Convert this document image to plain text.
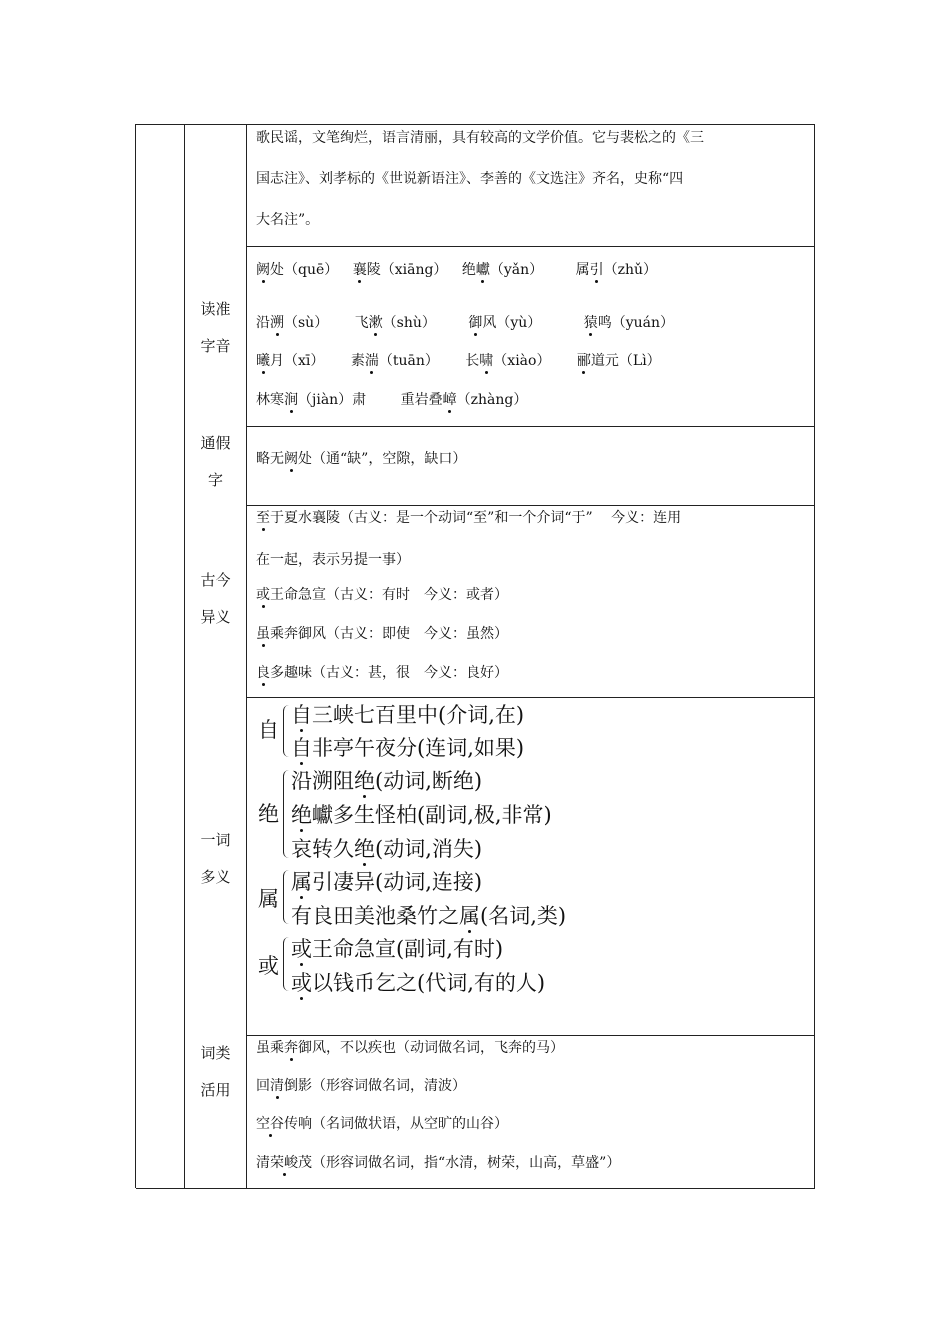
歌民谣，文笔绚烂，语言清丽，具有较高的文学价值。它与裴松之的《三
国志注》、刘孝标的《世说新语注》、李善的《文选注》齐名，史称“四
大名注”。
读准
字音
阙处（quē） 襄陵（xiāng） 绝巘（yǎn） 属引（zhǔ）
沿溯（sù） 飞漱（shù） 御风（yù）	猿鸣（yuán）
曦月（xī） 素湍（tuān） 长啸（xiào） 郦道元（Lì）
林寒涧（jiàn）肃 重岩叠嶂（zhàng）
通假
字
略无阙处（通“缺”，空隙，缺口）
古今
异义
至于夏水襄陵（古义：是一个动词“至”和一个介词“于”　 今义：连用
在一起，表示另提一事）
或王命急宣（古义：有时　今义：或者）
虽乘奔御风（古义：即使　今义：虽然）
良多趣味（古义：甚，很　今义：良好）
一词
多义
自
自三峡七百里中(介词,在)
自非亭午夜分(连词,如果)
绝
沿溯阻绝(动词,断绝)
绝巘多生怪柏(副词,极,非常)
哀转久绝(动词,消失)
属
属引凄异(动词,连接)
有良田美池桑竹之属(名词,类)
或
或王命急宣(副词,有时)
或以钱币乞之(代词,有的人)
词类
活用
虽乘奔御风，不以疾也（动词做名词，飞奔的马）
回清倒影（形容词做名词，清波）
空谷传响（名词做状语，从空旷的山谷）
清荣峻茂（形容词做名词，指“水清，树荣，山高，草盛”）
